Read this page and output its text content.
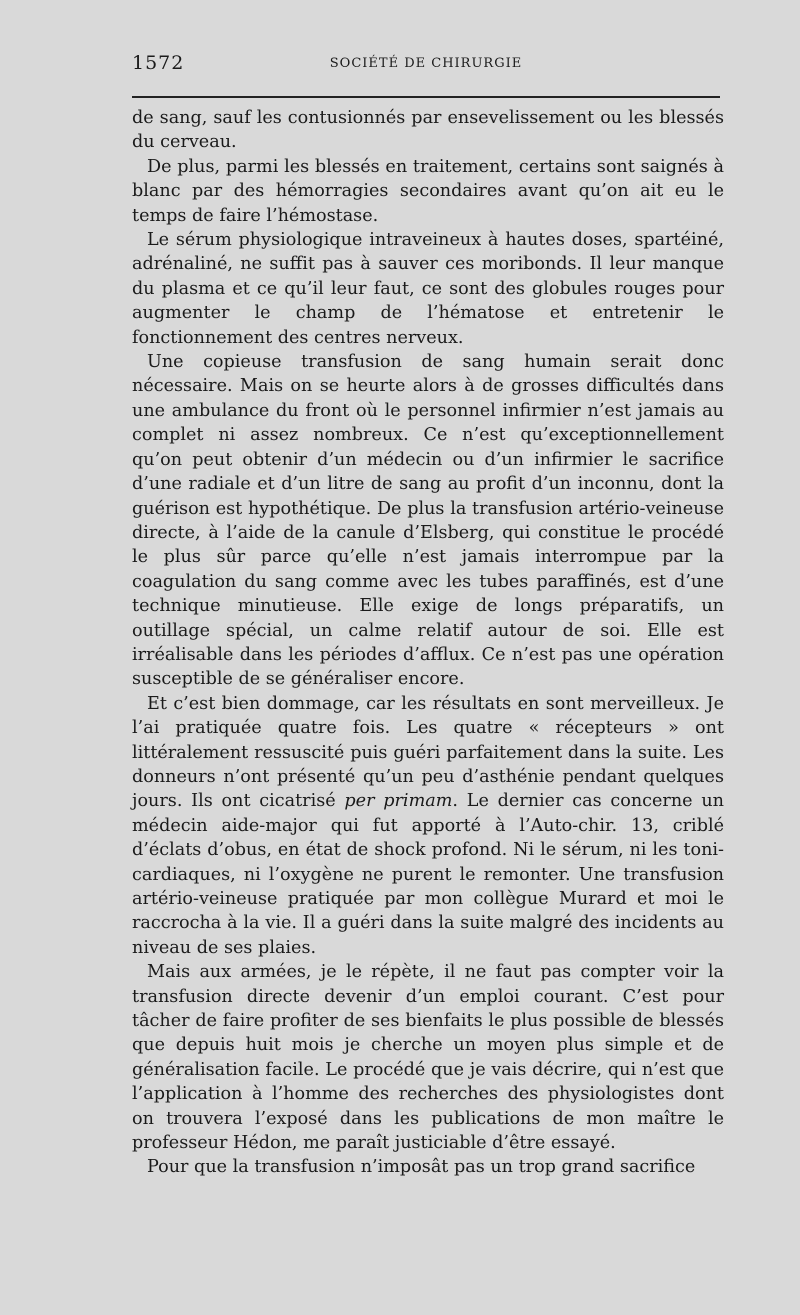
1572	SOCIÉTÉ DE CHIRURGIE

de sang, sauf les contusionnés par ensevelissement ou les blessés du cerveau.

De plus, parmi les blessés en traitement, certains sont saignés à blanc par des hémorragies secondaires avant qu’on ait eu le temps de faire l’hémostase.

Le sérum physiologique intraveineux à hautes doses, spartéiné, adrénaliné, ne suffit pas à sauver ces moribonds. Il leur manque du plasma et ce qu’il leur faut, ce sont des globules rouges pour augmenter le champ de l’hématose et entretenir le fonctionnement des centres nerveux.

Une copieuse transfusion de sang humain serait donc nécessaire. Mais on se heurte alors à de grosses difficultés dans une ambulance du front où le personnel infirmier n’est jamais au complet ni assez nombreux. Ce n’est qu’exceptionnellement qu’on peut obtenir d’un médecin ou d’un infirmier le sacrifice d’une radiale et d’un litre de sang au profit d’un inconnu, dont la guérison est hypothétique. De plus la transfusion artério-veineuse directe, à l’aide de la canule d’Elsberg, qui constitue le procédé le plus sûr parce qu’elle n’est jamais interrompue par la coagulation du sang comme avec les tubes paraffinés, est d’une technique minutieuse. Elle exige de longs préparatifs, un outillage spécial, un calme relatif autour de soi. Elle est irréalisable dans les périodes d’afflux. Ce n’est pas une opération susceptible de se généraliser encore.

Et c’est bien dommage, car les résultats en sont merveilleux. Je l’ai pratiquée quatre fois. Les quatre « récepteurs » ont littéralement ressuscité puis guéri parfaitement dans la suite. Les donneurs n’ont présenté qu’un peu d’asthénie pendant quelques jours. Ils ont cicatrisé per primam. Le dernier cas concerne un médecin aide-major qui fut apporté à l’Auto-chir. 13, criblé d’éclats d’obus, en état de shock profond. Ni le sérum, ni les toni-cardiaques, ni l’oxygène ne purent le remonter. Une transfusion artério-veineuse pratiquée par mon collègue Murard et moi le raccrocha à la vie. Il a guéri dans la suite malgré des incidents au niveau de ses plaies.

Mais aux armées, je le répète, il ne faut pas compter voir la transfusion directe devenir d’un emploi courant. C’est pour tâcher de faire profiter de ses bienfaits le plus possible de blessés que depuis huit mois je cherche un moyen plus simple et de généralisation facile. Le procédé que je vais décrire, qui n’est que l’application à l’homme des recherches des physiologistes dont on trouvera l’exposé dans les publications de mon maître le professeur Hédon, me paraît justiciable d’être essayé.

Pour que la transfusion n’imposât pas un trop grand sacrifice
